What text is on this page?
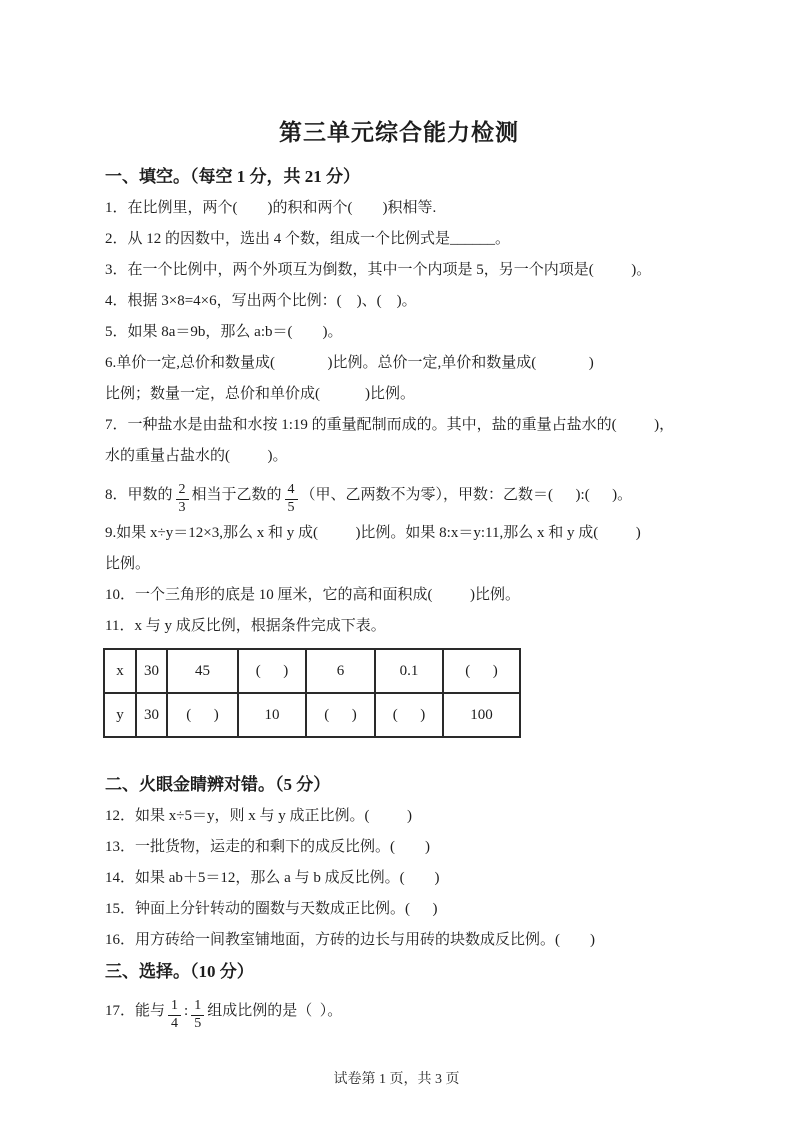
第三单元综合能力检测
一、填空。（每空 1 分，共 21 分）

1．在比例里，两个(        )的积和两个(        )积相等.

2．从 12 的因数中，选出 4 个数，组成一个比例式是______。

3．在一个比例中，两个外项互为倒数，其中一个内项是 5，另一个内项是(          )。

4．根据 3×8=4×6，写出两个比例：(    )、(    )。

5．如果 8a＝9b，那么 a:b＝(        )。

6.单价一定,总价和数量成(              )比例。总价一定,单价和数量成(              )

比例；数量一定，总价和单价成(            )比例。

7．一种盐水是由盐和水按 1:19 的重量配制而成的。其中，盐的重量占盐水的(          )，

水的重量占盐水的(          )。

8．甲数的 $\frac{2}{3}$ 相当于乙数的 $\frac{4}{5}$ （甲、乙两数不为零），甲数：乙数＝(      ):(      )。

9.如果 x÷y＝12×3,那么 x 和 y 成(          )比例。如果 8:x＝y:11,那么 x 和 y 成(          )

比例。

10．一个三角形的底是 10 厘米，它的高和面积成(          )比例。

11．x 与 y 成反比例，根据条件完成下表。

x	30	45	(      )	6	0.1	(      )
y	30	(      )	10	(      )	(      )	100
二、火眼金睛辨对错。（5 分）

12．如果 x÷5＝y，则 x 与 y 成正比例。(          )

13．一批货物，运走的和剩下的成反比例。(        )

14．如果 ab＋5＝12，那么 a 与 b 成反比例。(        )

15．钟面上分针转动的圈数与天数成正比例。(      )

16．用方砖给一间教室铺地面，方砖的边长与用砖的块数成反比例。(        )

三、选择。（10 分）

17．能与 $\frac{1}{4}$ : $\frac{1}{5}$ 组成比例的是（  ）。

试卷第 1 页，共 3 页
